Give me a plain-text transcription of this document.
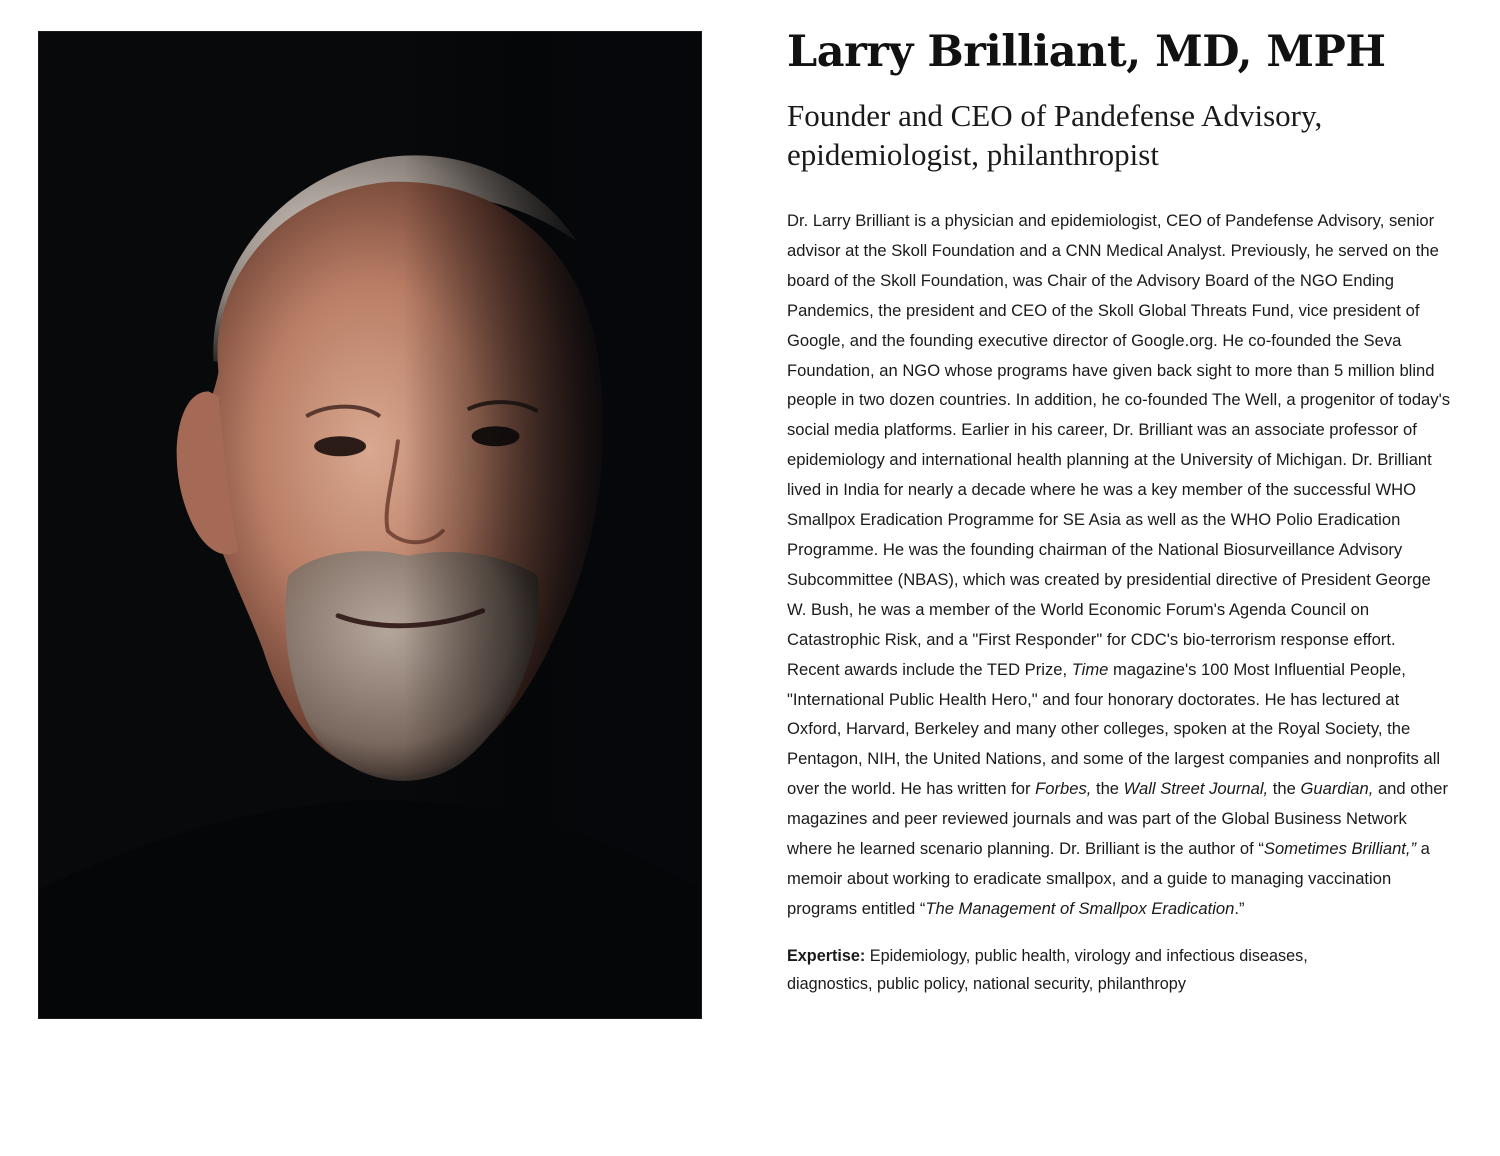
Larry Brilliant, MD, MPH

Founder and CEO of Pandefense Advisory,
epidemiologist, philanthropist

Dr. Larry Brilliant is a physician and epidemiologist, CEO of Pandefense Advisory, senior advisor at the Skoll Foundation and a CNN Medical Analyst. Previously, he served on the board of the Skoll Foundation, was Chair of the Advisory Board of the NGO Ending Pandemics, the president and CEO of the Skoll Global Threats Fund, vice president of Google, and the founding executive director of Google.org. He co-founded the Seva Foundation, an NGO whose programs have given back sight to more than 5 million blind people in two dozen countries. In addition, he co-founded The Well, a progenitor of today's social media platforms. Earlier in his career, Dr. Brilliant was an associate professor of epidemiology and international health planning at the University of Michigan. Dr. Brilliant lived in India for nearly a decade where he was a key member of the successful WHO Smallpox Eradication Programme for SE Asia as well as the WHO Polio Eradication Programme. He was the founding chairman of the National Biosurveillance Advisory Subcommittee (NBAS), which was created by presidential directive of President George W. Bush, he was a member of the World Economic Forum's Agenda Council on Catastrophic Risk, and a "First Responder" for CDC's bio-terrorism response effort. Recent awards include the TED Prize, Time magazine's 100 Most Influential People, "International Public Health Hero," and four honorary doctorates. He has lectured at Oxford, Harvard, Berkeley and many other colleges, spoken at the Royal Society, the Pentagon, NIH, the United Nations, and some of the largest companies and nonprofits all over the world. He has written for Forbes, the Wall Street Journal, the Guardian, and other magazines and peer reviewed journals and was part of the Global Business Network where he learned scenario planning. Dr. Brilliant is the author of “Sometimes Brilliant,” a memoir about working to eradicate smallpox, and a guide to managing vaccination programs entitled “The Management of Smallpox Eradication.”

Expertise: Epidemiology, public health, virology and infectious diseases, diagnostics, public policy, national security, philanthropy
